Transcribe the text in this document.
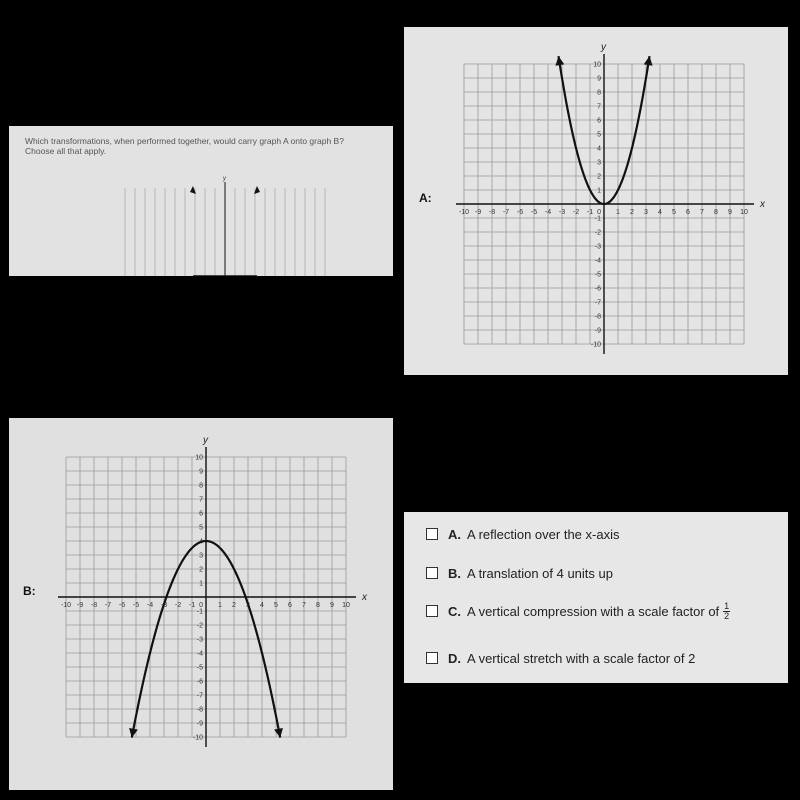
Which transformations, when performed together, would carry graph A onto graph B? Choose all that apply.
y
A:	x
y
-10
-10
-9
-9
-8
-8
-7
-7
-6
-6
-5
-5
-4
-4
-3
-3
-2
-2
-1
-1
0 1
1
2
2
3
3
4
4
5
5
6
6
7
7
8
8
9
9
10
10
B:	x
y
-10
-10
-9
-9
-8
-8
-7
-7
-6
-6
-5
-5
-4
-4
-3
-3
-2
-2
-1
-1
0 1
1
2
2
3
3
4
4
5
5
6
6
7
7
8
8
9
9
10
10
A. A reflection over the x-axis
B. A translation of 4 units up
C. A vertical compression with a scale factor of $\frac{1}{2}$
D. A vertical stretch with a scale factor of 2
